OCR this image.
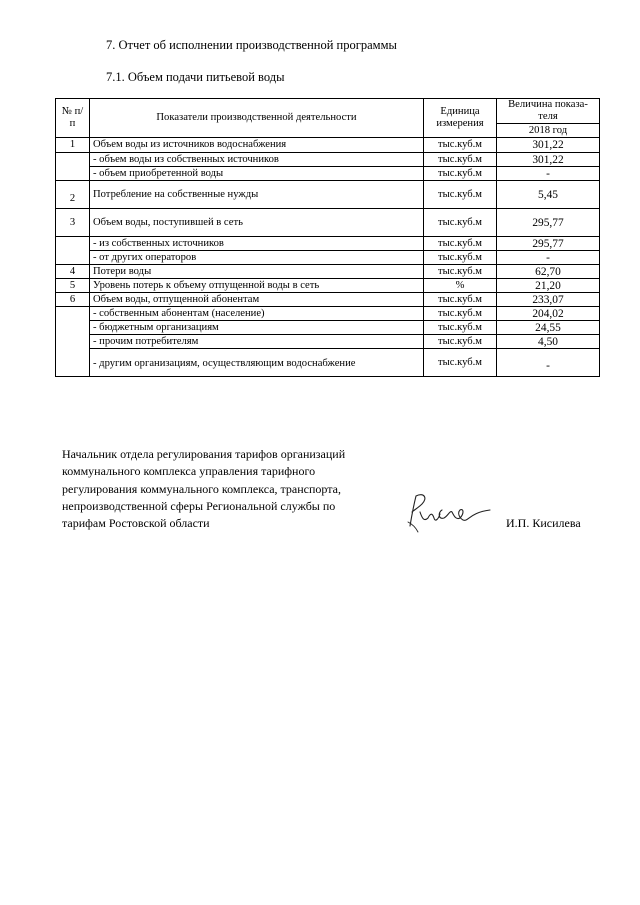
7. Отчет об исполнении производственной программы
7.1. Объем подачи питьевой воды
№ п/п	Показатели производственной деятельности	Единица измерения	Величина показа-теля
			2018 год
1	Объем воды из источников водоснабжения	тыс.куб.м	301,22
	- объем воды из собственных источников	тыс.куб.м	301,22
	- объем приобретенной воды	тыс.куб.м	-
2	Потребление на собственные нужды	тыс.куб.м	5,45
3	Объем воды, поступившей в сеть	тыс.куб.м	295,77
	- из собственных источников	тыс.куб.м	295,77
	- от других операторов	тыс.куб.м	-
4	Потери воды	тыс.куб.м	62,70
5	Уровень потерь к объему отпущенной воды в сеть	%	21,20
6	Объем воды, отпущенной абонентам	тыс.куб.м	233,07
	- собственным абонентам (население)	тыс.куб.м	204,02
	- бюджетным организациям	тыс.куб.м	24,55
	- прочим потребителям	тыс.куб.м	4,50
	- другим организациям, осуществляющим водоснабжение	тыс.куб.м	-
Начальник отдела регулирования тарифов организаций
коммунального комплекса управления тарифного
регулирования коммунального комплекса, транспорта,
непроизводственной сферы Региональной службы по
тарифам Ростовской области	И.П. Кисилева
